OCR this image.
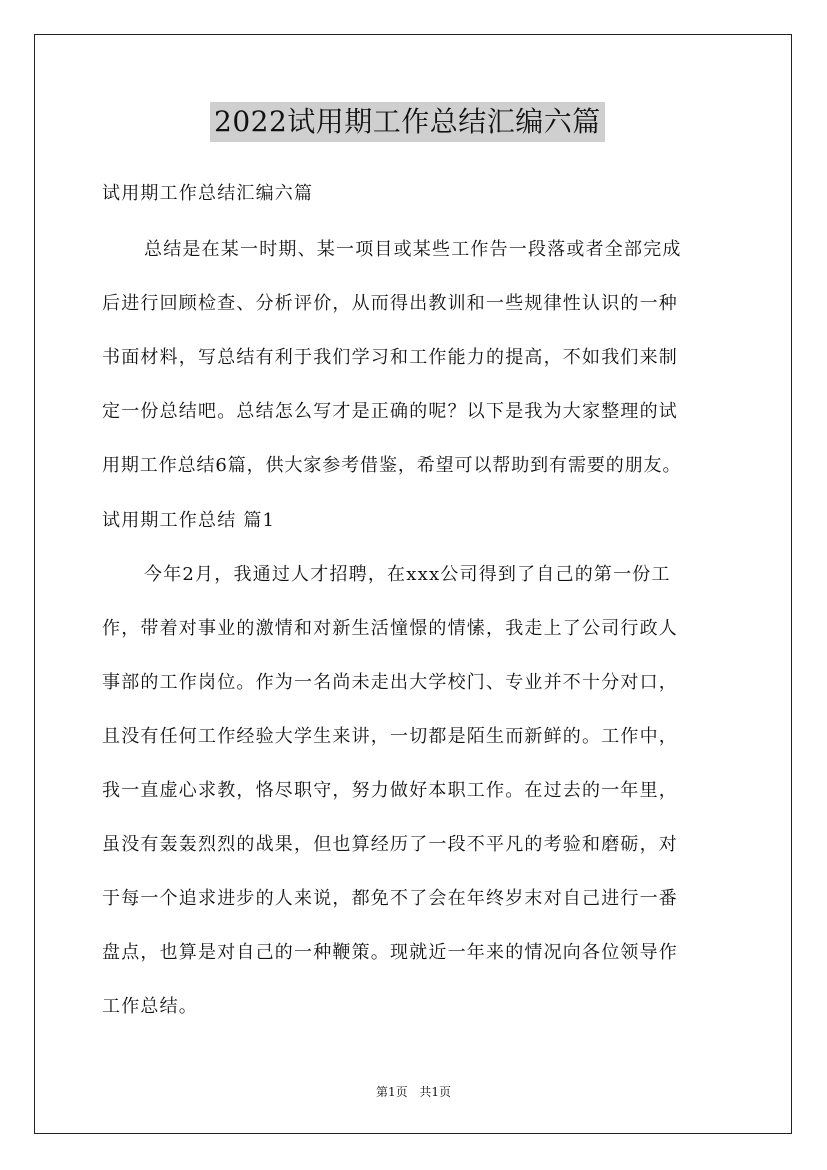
2022试用期工作总结汇编六篇
试用期工作总结汇编六篇
总结是在某一时期、某一项目或某些工作告一段落或者全部完成
后进行回顾检查、分析评价，从而得出教训和一些规律性认识的一种
书面材料，写总结有利于我们学习和工作能力的提高，不如我们来制
定一份总结吧。总结怎么写才是正确的呢？以下是我为大家整理的试
用期工作总结6篇，供大家参考借鉴，希望可以帮助到有需要的朋友。
试用期工作总结 篇1
今年2月，我通过人才招聘，在xxx公司得到了自己的第一份工
作，带着对事业的激情和对新生活憧憬的情愫，我走上了公司行政人
事部的工作岗位。作为一名尚未走出大学校门、专业并不十分对口，
且没有任何工作经验大学生来讲，一切都是陌生而新鲜的。工作中，
我一直虚心求教，恪尽职守，努力做好本职工作。在过去的一年里，
虽没有轰轰烈烈的战果，但也算经历了一段不平凡的考验和磨砺，对
于每一个追求进步的人来说，都免不了会在年终岁末对自己进行一番
盘点，也算是对自己的一种鞭策。现就近一年来的情况向各位领导作
工作总结。
第1页 共1页
